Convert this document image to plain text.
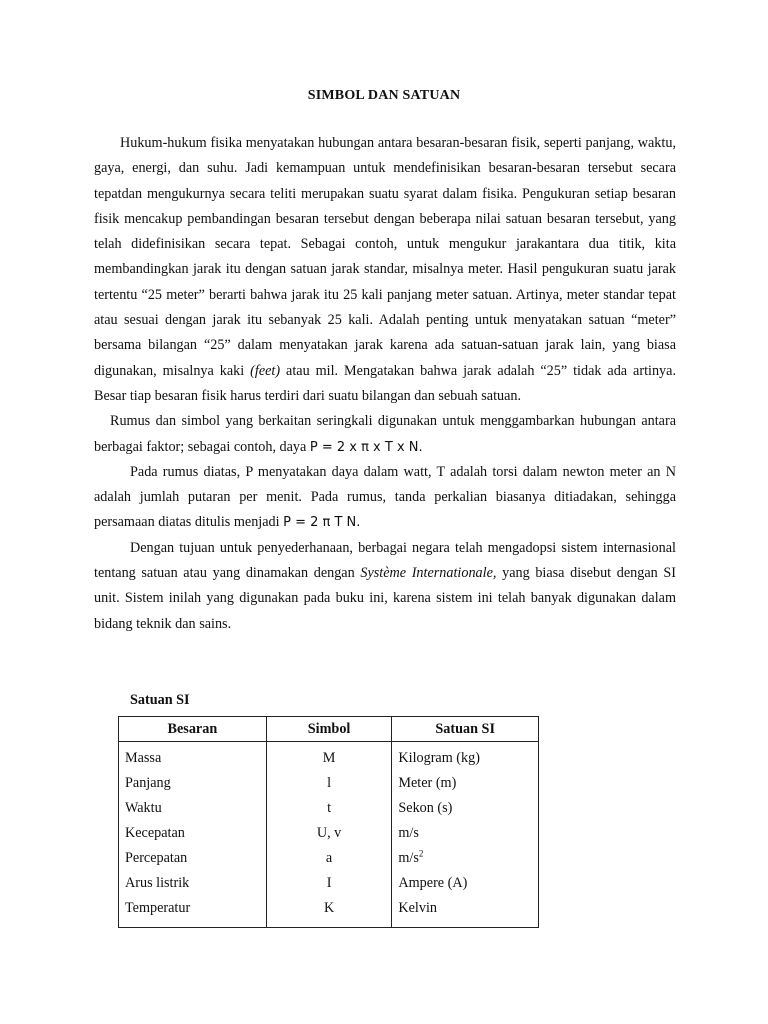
SIMBOL DAN SATUAN

Hukum-hukum fisika menyatakan hubungan antara besaran-besaran fisik, seperti panjang, waktu, gaya, energi, dan suhu. Jadi kemampuan untuk mendefinisikan besaran-besaran tersebut secara tepatdan mengukurnya secara teliti merupakan suatu syarat dalam fisika. Pengukuran setiap besaran fisik mencakup pembandingan besaran tersebut dengan beberapa nilai satuan besaran tersebut, yang telah didefinisikan secara tepat. Sebagai contoh, untuk mengukur jarakantara dua titik, kita membandingkan jarak itu dengan satuan jarak standar, misalnya meter. Hasil pengukuran suatu jarak tertentu “25 meter” berarti bahwa jarak itu 25 kali panjang meter satuan. Artinya, meter standar tepat atau sesuai dengan jarak itu sebanyak 25 kali. Adalah penting untuk menyatakan satuan “meter” bersama bilangan “25” dalam menyatakan jarak karena ada satuan-satuan jarak lain, yang biasa digunakan, misalnya kaki (feet) atau mil. Mengatakan bahwa jarak adalah “25” tidak ada artinya. Besar tiap besaran fisik harus terdiri dari suatu bilangan dan sebuah satuan.

Rumus dan simbol yang berkaitan seringkali digunakan untuk menggambarkan hubungan antara berbagai faktor; sebagai contoh, daya P = 2 x π x T x N.

Pada rumus diatas, P menyatakan daya dalam watt, T adalah torsi dalam newton meter an N adalah jumlah putaran per menit. Pada rumus, tanda perkalian biasanya ditiadakan, sehingga persamaan diatas ditulis menjadi P = 2 π T N.

Dengan tujuan untuk penyederhanaan, berbagai negara telah mengadopsi sistem internasional tentang satuan atau yang dinamakan dengan Système Internationale, yang biasa disebut dengan SI unit. Sistem inilah yang digunakan pada buku ini, karena sistem ini telah banyak digunakan dalam bidang teknik dan sains.

Satuan SI
Besaran	Simbol	Satuan SI
Massa	M	Kilogram (kg)
Panjang	l	Meter (m)
Waktu	t	Sekon (s)
Kecepatan	U, v	m/s
Percepatan	a	$m/s^2$
Arus listrik	I	Ampere (A)
Temperatur	K	Kelvin
